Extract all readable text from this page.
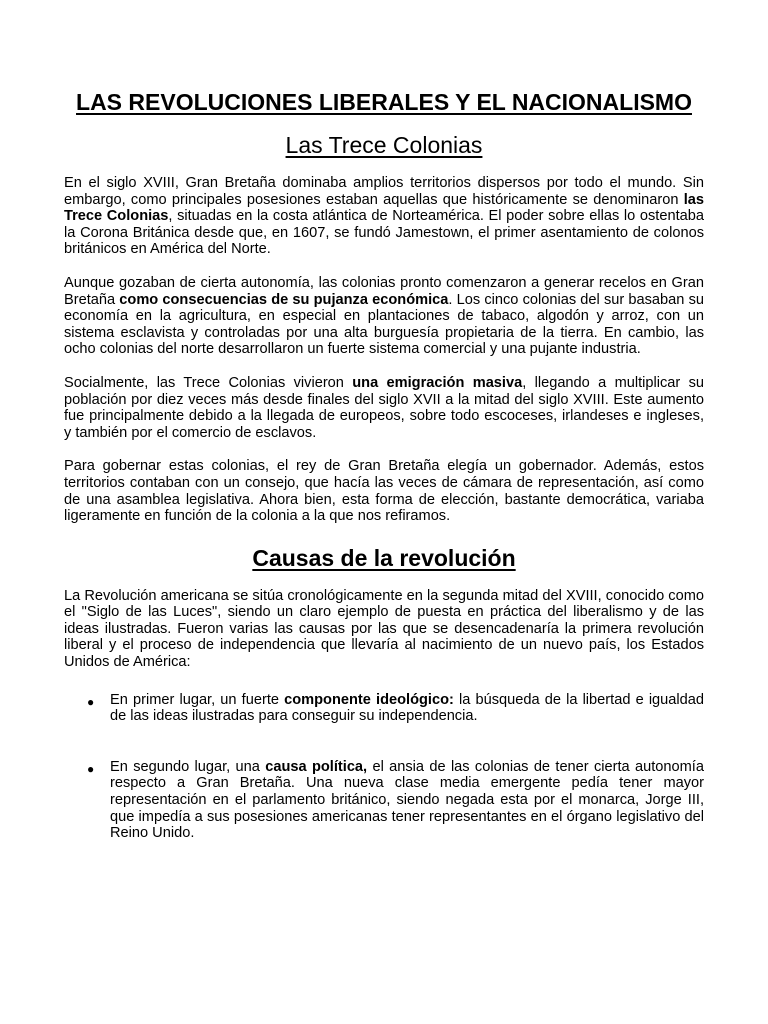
LAS REVOLUCIONES LIBERALES Y EL NACIONALISMO
Las Trece Colonias

En el siglo XVIII, Gran Bretaña dominaba amplios territorios dispersos por todo el mundo. Sin embargo, como principales posesiones estaban aquellas que históricamente se denominaron las Trece Colonias, situadas en la costa atlántica de Norteamérica. El poder sobre ellas lo ostentaba la Corona Británica desde que, en 1607, se fundó Jamestown, el primer asentamiento de colonos británicos en América del Norte.

Aunque gozaban de cierta autonomía, las colonias pronto comenzaron a generar recelos en Gran Bretaña como consecuencias de su pujanza económica. Los cinco colonias del sur basaban su economía en la agricultura, en especial en plantaciones de tabaco, algodón y arroz, con un sistema esclavista y controladas por una alta burguesía propietaria de la tierra. En cambio, las ocho colonias del norte desarrollaron un fuerte sistema comercial y una pujante industria.

Socialmente, las Trece Colonias vivieron una emigración masiva, llegando a multiplicar su población por diez veces más desde finales del siglo XVII a la mitad del siglo XVIII. Este aumento fue principalmente debido a la llegada de europeos, sobre todo escoceses, irlandeses e ingleses, y también por el comercio de esclavos.

Para gobernar estas colonias, el rey de Gran Bretaña elegía un gobernador. Además, estos territorios contaban con un consejo, que hacía las veces de cámara de representación, así como de una asamblea legislativa. Ahora bien, esta forma de elección, bastante democrática, variaba ligeramente en función de la colonia a la que nos refiramos.

Causas de la revolución

La Revolución americana se sitúa cronológicamente en la segunda mitad del XVIII, conocido como el "Siglo de las Luces", siendo un claro ejemplo de puesta en práctica del liberalismo y de las ideas ilustradas. Fueron varias las causas por las que se desencadenaría la primera revolución liberal y el proceso de independencia que llevaría al nacimiento de un nuevo país, los Estados Unidos de América:

● En primer lugar, un fuerte componente ideológico: la búsqueda de la libertad e igualdad de las ideas ilustradas para conseguir su independencia.

● En segundo lugar, una causa política, el ansia de las colonias de tener cierta autonomía respecto a Gran Bretaña. Una nueva clase media emergente pedía tener mayor representación en el parlamento británico, siendo negada esta por el monarca, Jorge III, que impedía a sus posesiones americanas tener representantes en el órgano legislativo del Reino Unido.
